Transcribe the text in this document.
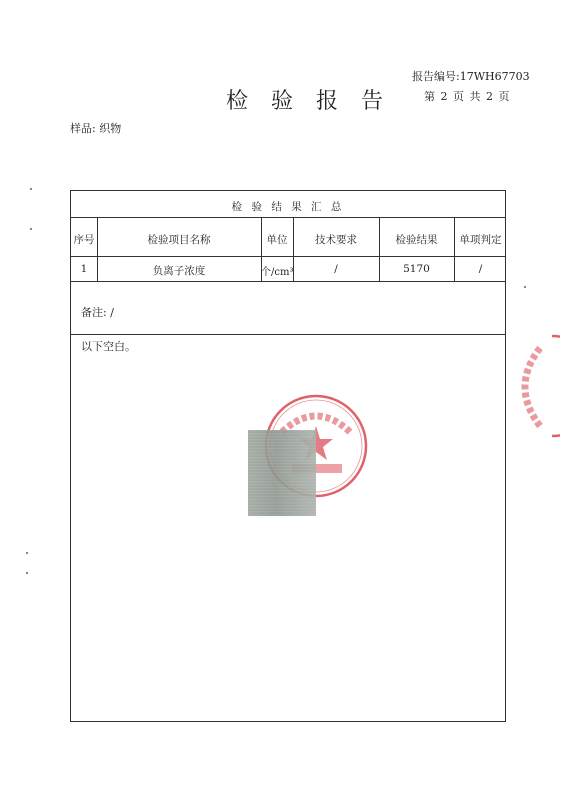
报告编号:17WH67703
检 验 报 告	第 2 页 共 2 页
样品: 织物
检 验 结 果 汇 总
序号	检验项目名称	单位	技术要求	检验结果	单项判定
1	负离子浓度	个/cm³	/	5170	/
备注: /
以下空白。
